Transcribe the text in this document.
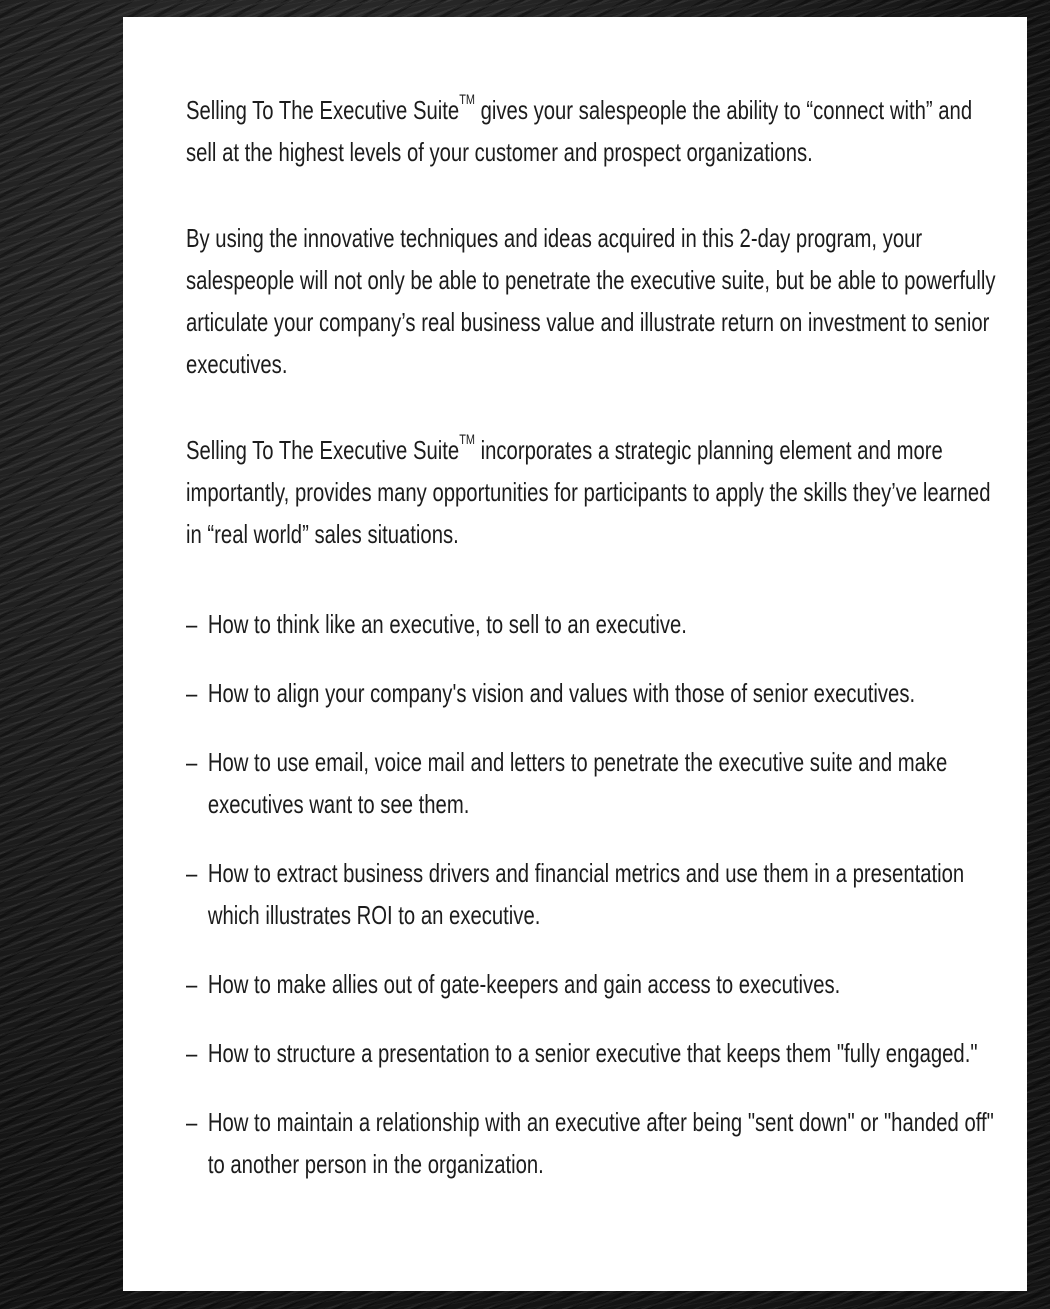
Selling To The Executive Suite™ gives your salespeople the ability to “connect with” and sell at the highest levels of your customer and prospect organizations.

By using the innovative techniques and ideas acquired in this 2-day program, your salespeople will not only be able to penetrate the executive suite, but be able to powerfully articulate your company’s real business value and illustrate return on investment to senior executives.

Selling To The Executive Suite™ incorporates a strategic planning element and more importantly, provides many opportunities for participants to apply the skills they’ve learned in “real world” sales situations.

– How to think like an executive, to sell to an executive.
– How to align your company's vision and values with those of senior executives.
– How to use email, voice mail and letters to penetrate the executive suite and make executives want to see them.
– How to extract business drivers and financial metrics and use them in a presentation which illustrates ROI to an executive.
– How to make allies out of gate-keepers and gain access to executives.
– How to structure a presentation to a senior executive that keeps them "fully engaged."
– How to maintain a relationship with an executive after being "sent down" or "handed off" to another person in the organization.
